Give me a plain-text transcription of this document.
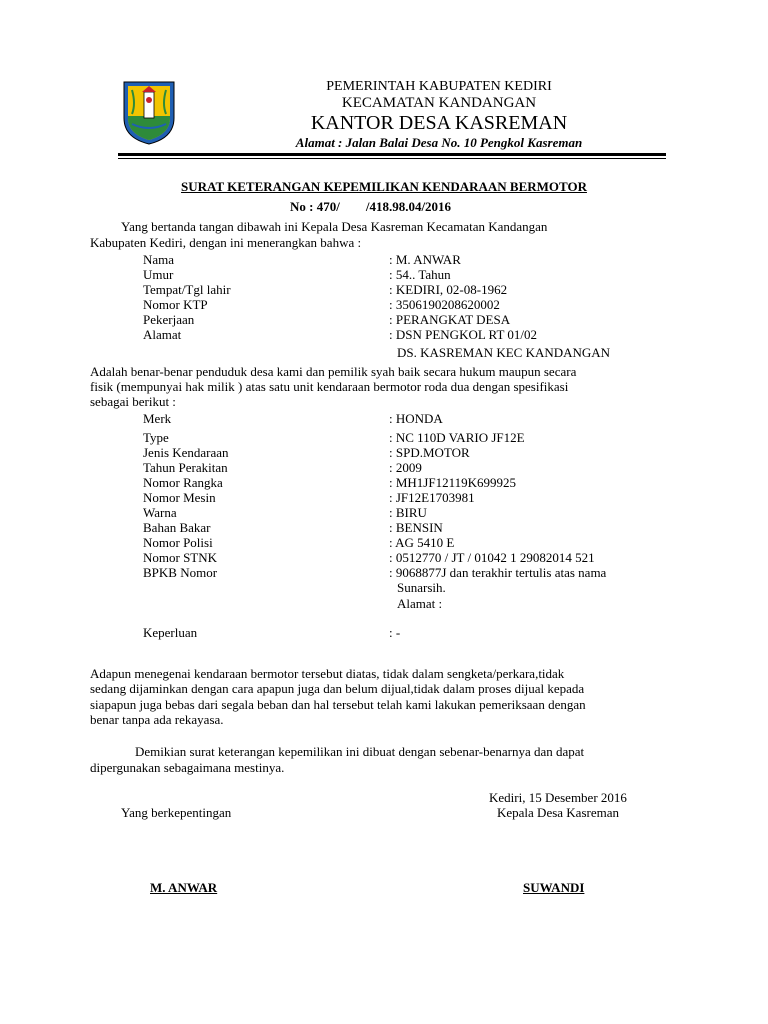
PEMERINTAH KABUPATEN KEDIRI
KECAMATAN KANDANGAN
KANTOR DESA KASREMAN
Alamat : Jalan Balai Desa No. 10 Pengkol Kasreman
SURAT KETERANGAN KEPEMILIKAN KENDARAAN BERMOTOR
No : 470/        /418.98.04/2016
Yang bertanda tangan dibawah ini Kepala Desa Kasreman Kecamatan Kandangan
Kabupaten Kediri, dengan ini menerangkan bahwa :
Nama	: M. ANWAR
Umur	: 54.. Tahun
Tempat/Tgl lahir	: KEDIRI, 02-08-1962
Nomor KTP	: 3506190208620002
Pekerjaan	: PERANGKAT DESA
Alamat	: DSN PENGKOL RT 01/02
DS. KASREMAN KEC KANDANGAN
Adalah benar-benar penduduk desa kami dan pemilik syah baik secara hukum maupun secara
fisik (mempunyai hak milik ) atas satu unit kendaraan bermotor roda dua dengan spesifikasi
sebagai berikut :
Merk	: HONDA
Type	: NC 110D VARIO JF12E
Jenis Kendaraan	: SPD.MOTOR
Tahun Perakitan	: 2009
Nomor Rangka	: MH1JF12119K699925
Nomor Mesin	: JF12E1703981
Warna	: BIRU
Bahan Bakar	: BENSIN
Nomor Polisi	: AG 5410 E
Nomor STNK	: 0512770 / JT / 01042 1 29082014 521
BPKB Nomor	: 9068877J dan terakhir tertulis atas nama
Sunarsih.
Alamat :
Keperluan	: -
Adapun menegenai kendaraan bermotor tersebut diatas, tidak dalam sengketa/perkara,tidak
sedang dijaminkan dengan cara apapun juga dan belum dijual,tidak dalam proses dijual kepada
siapapun juga bebas dari segala beban dan hal tersebut telah kami lakukan pemeriksaan dengan
benar tanpa ada rekayasa.
Demikian surat keterangan kepemilikan ini dibuat dengan sebenar-benarnya dan dapat
dipergunakan sebagaimana mestinya.
Kediri, 15 Desember 2016
Yang berkepentingan	Kepala Desa Kasreman
M. ANWAR	SUWANDI
